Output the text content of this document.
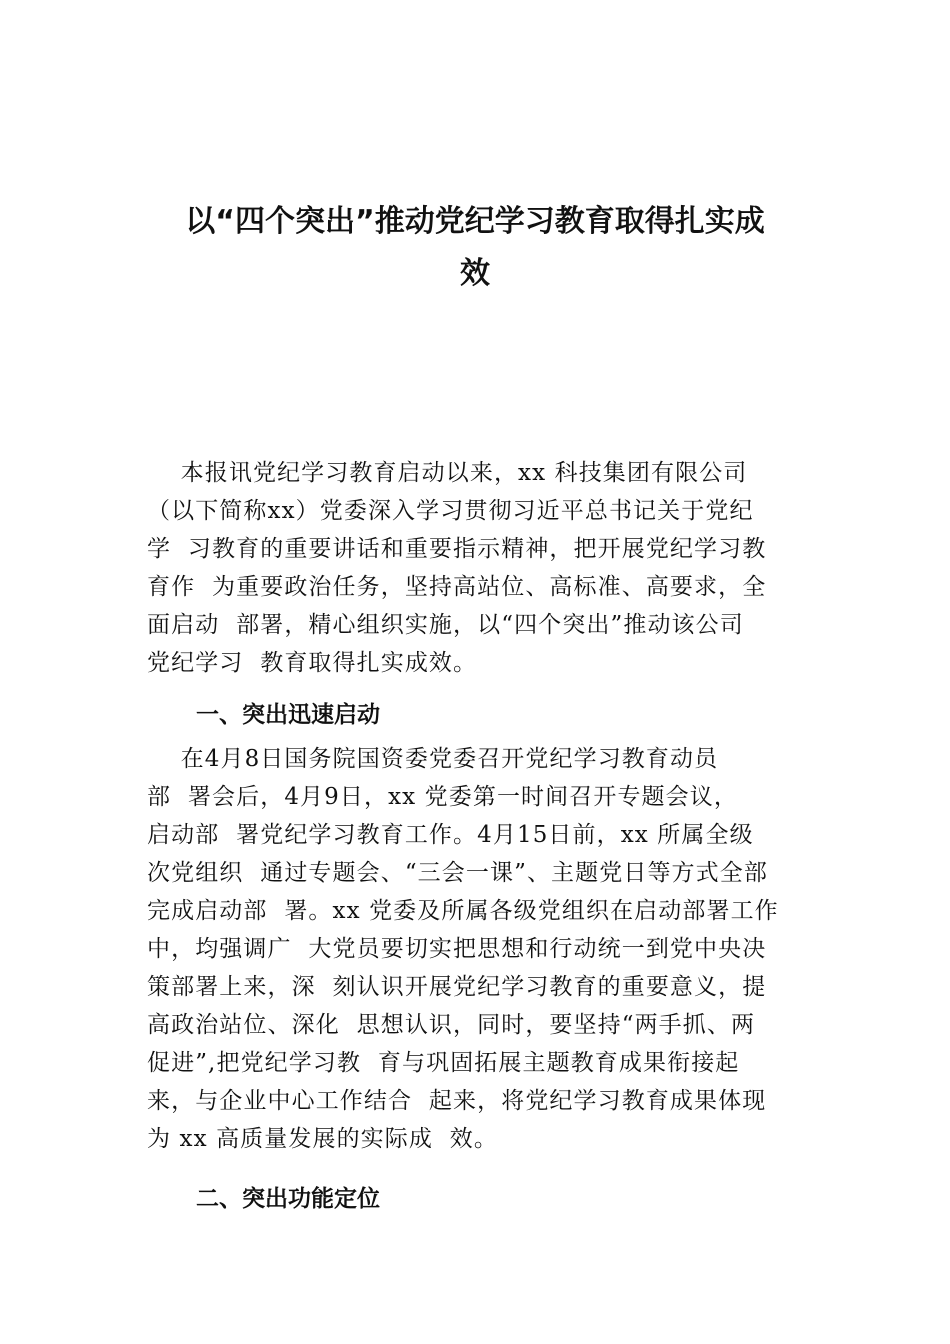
以“四个突出”推动党纪学习教育取得扎实成
效
本报讯党纪学习教育启动以来，xx 科技集团有限公司
（以下简称xx）党委深入学习贯彻习近平总书记关于党纪
学  习教育的重要讲话和重要指示精神，把开展党纪学习教
育作  为重要政治任务，坚持高站位、高标准、高要求，全
面启动  部署，精心组织实施，以“四个突出”推动该公司
党纪学习  教育取得扎实成效。
一、突出迅速启动
在4月8日国务院国资委党委召开党纪学习教育动员
部  署会后，4月9日，xx 党委第一时间召开专题会议，
启动部  署党纪学习教育工作。4月15日前，xx 所属全级
次党组织  通过专题会、“三会一课”、主题党日等方式全部
完成启动部  署。xx 党委及所属各级党组织在启动部署工作
中，均强调广  大党员要切实把思想和行动统一到党中央决
策部署上来，深  刻认识开展党纪学习教育的重要意义，提
高政治站位、深化  思想认识，同时，要坚持“两手抓、两
促进”,把党纪学习教  育与巩固拓展主题教育成果衔接起
来，与企业中心工作结合  起来，将党纪学习教育成果体现
为 xx 高质量发展的实际成  效。
二、突出功能定位
